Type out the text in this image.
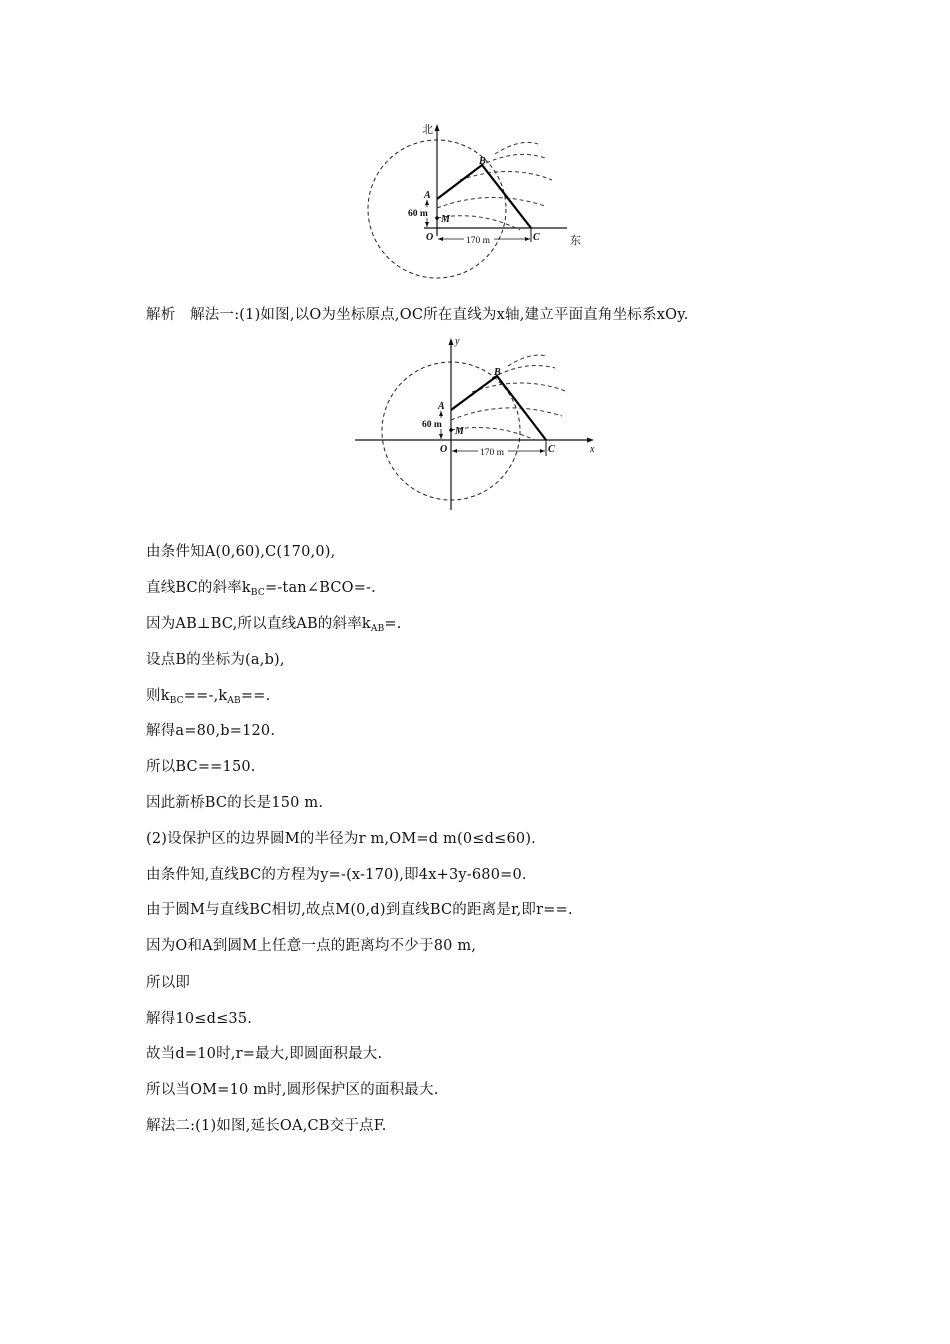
170 m
60 m
北
东
A
B
C
M
O
解析　解法一:(1)如图,以O为坐标原点,OC所在直线为x轴,建立平面直角坐标系xOy.
170 m
60 m
y
x
A
B
C
M
O
由条件知A(0,60),C(170,0),
直线BC的斜率$k_{BC}=-\tan\angle BCO=-$.
因为AB⊥BC,所以直线AB的斜率$k_{AB}=$.
设点B的坐标为(a,b),
则$k_{BC}==-,k_{AB}==$.
解得a=80,b=120.
所以BC==150.
因此新桥BC的长是150 m.
(2)设保护区的边界圆M的半径为r m,OM=d m(0≤d≤60).
由条件知,直线BC的方程为y=-(x-170),即4x+3y-680=0.
由于圆M与直线BC相切,故点M(0,d)到直线BC的距离是r,即r==.
因为O和A到圆M上任意一点的距离均不少于80 m,
所以即
解得10≤d≤35.
故当d=10时,r=最大,即圆面积最大.
所以当OM=10 m时,圆形保护区的面积最大.
解法二:(1)如图,延长OA,CB交于点F.
